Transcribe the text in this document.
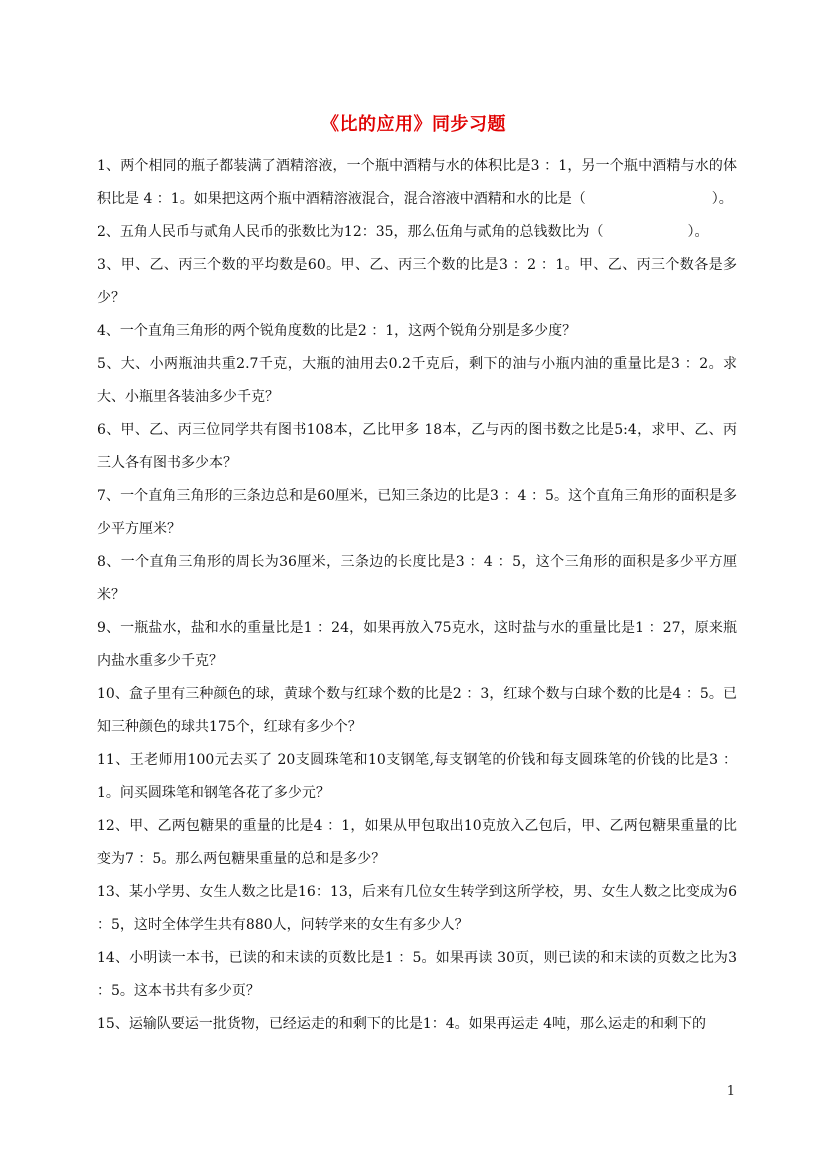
《比的应用》同步习题

1、两个相同的瓶子都装满了酒精溶液，一个瓶中酒精与水的体积比是3 ：1，另一个瓶中酒精与水的体积比是 4 ：1。如果把这两个瓶中酒精溶液混合，混合溶液中酒精和水的比是（　　　　　　　　　）。

2、五角人民币与贰角人民币的张数比为12：35，那么伍角与贰角的总钱数比为（　　　　　　）。

3、甲、乙、丙三个数的平均数是60。甲、乙、丙三个数的比是3 ：2 ：1。甲、乙、丙三个数各是多少？

4、一个直角三角形的两个锐角度数的比是2 ：1，这两个锐角分别是多少度？

5、大、小两瓶油共重2.7千克，大瓶的油用去0.2千克后，剩下的油与小瓶内油的重量比是3 ：2。求大、小瓶里各装油多少千克？

6、甲、乙、丙三位同学共有图书108本，乙比甲多 18本，乙与丙的图书数之比是5:4，求甲、乙、丙三人各有图书多少本？

7、一个直角三角形的三条边总和是60厘米，已知三条边的比是3 ：4 ：5。这个直角三角形的面积是多少平方厘米？

8、一个直角三角形的周长为36厘米，三条边的长度比是3 ：4 ：5，这个三角形的面积是多少平方厘米？

9、一瓶盐水，盐和水的重量比是1 ：24，如果再放入75克水，这时盐与水的重量比是1 ：27，原来瓶内盐水重多少千克？

10、盒子里有三种颜色的球，黄球个数与红球个数的比是2 ：3，红球个数与白球个数的比是4 ：5。已知三种颜色的球共175个，红球有多少个？

11、王老师用100元去买了 20支圆珠笔和10支钢笔,每支钢笔的价钱和每支圆珠笔的价钱的比是3 ：1。问买圆珠笔和钢笔各花了多少元？

12、甲、乙两包糖果的重量的比是4 ：1，如果从甲包取出10克放入乙包后，甲、乙两包糖果重量的比变为7 ：5。那么两包糖果重量的总和是多少？

13、某小学男、女生人数之比是16：13，后来有几位女生转学到这所学校，男、女生人数之比变成为6 ：5，这时全体学生共有880人，问转学来的女生有多少人？

14、小明读一本书，已读的和末读的页数比是1 ：5。如果再读 30页，则已读的和末读的页数之比为3 ：5。这本书共有多少页？

15、运输队要运一批货物，已经运走的和剩下的比是1：4。如果再运走 4吨，那么运走的和剩下的

1
